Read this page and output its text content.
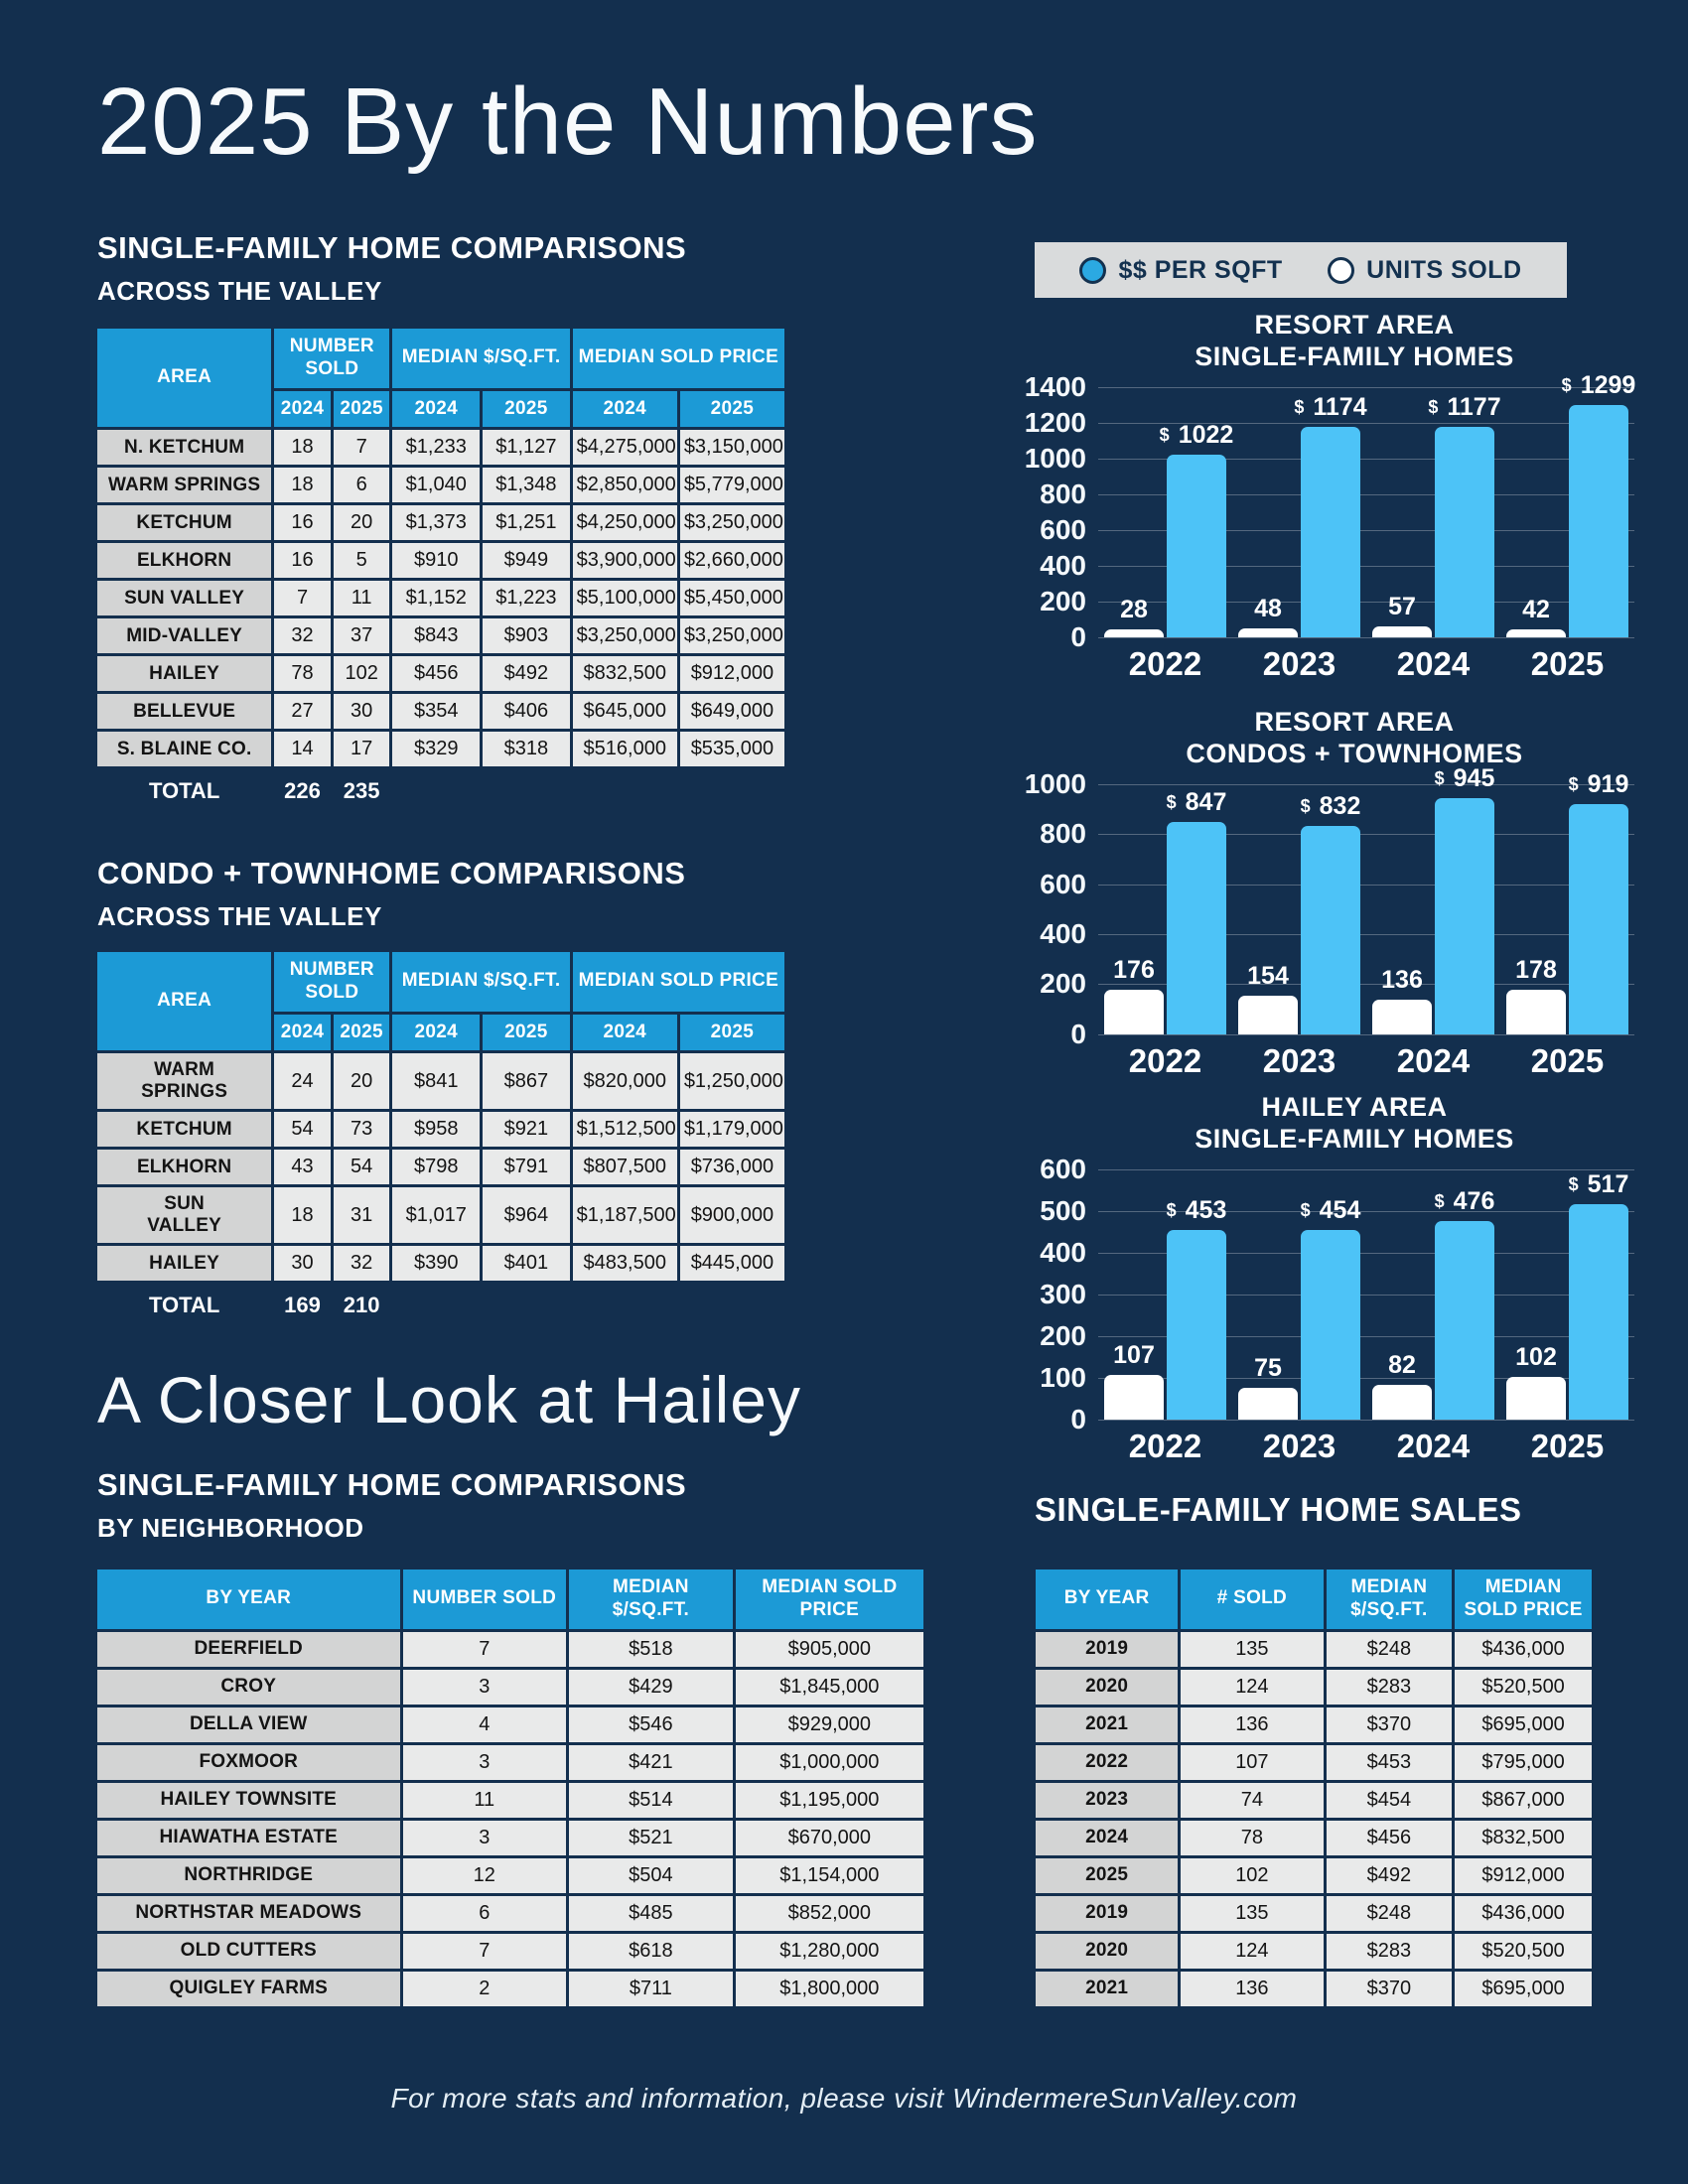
2025 By the Numbers
SINGLE-FAMILY HOME COMPARISONS
ACROSS THE VALLEY
AREA	NUMBER SOLD		MEDIAN $/SQ.FT.		MEDIAN SOLD PRICE	
	2024	2025	2024	2025	2024	2025
N. KETCHUM	18	7	$1,233	$1,127	$4,275,000	$3,150,000
WARM SPRINGS	18	6	$1,040	$1,348	$2,850,000	$5,779,000
KETCHUM	16	20	$1,373	$1,251	$4,250,000	$3,250,000
ELKHORN	16	5	$910	$949	$3,900,000	$2,660,000
SUN VALLEY	7	11	$1,152	$1,223	$5,100,000	$5,450,000
MID-VALLEY	32	37	$843	$903	$3,250,000	$3,250,000
HAILEY	78	102	$456	$492	$832,500	$912,000
BELLEVUE	27	30	$354	$406	$645,000	$649,000
S. BLAINE CO.	14	17	$329	$318	$516,000	$535,000
TOTAL	226	235				
CONDO + TOWNHOME COMPARISONS
ACROSS THE VALLEY
AREA	NUMBER SOLD		MEDIAN $/SQ.FT.		MEDIAN SOLD PRICE	
	2024	2025	2024	2025	2024	2025
WARM SPRINGS	24	20	$841	$867	$820,000	$1,250,000
KETCHUM	54	73	$958	$921	$1,512,500	$1,179,000
ELKHORN	43	54	$798	$791	$807,500	$736,000
SUN VALLEY	18	31	$1,017	$964	$1,187,500	$900,000
HAILEY	30	32	$390	$401	$483,500	$445,000
TOTAL	169	210				
A Closer Look at Hailey
SINGLE-FAMILY HOME COMPARISONS
BY NEIGHBORHOOD
BY YEAR	NUMBER SOLD	MEDIAN $/SQ.FT.	MEDIAN SOLD PRICE
DEERFIELD	7	$518	$905,000
CROY	3	$429	$1,845,000
DELLA VIEW	4	$546	$929,000
FOXMOOR	3	$421	$1,000,000
HAILEY TOWNSITE	11	$514	$1,195,000
HIAWATHA ESTATE	3	$521	$670,000
NORTHRIDGE	12	$504	$1,154,000
NORTHSTAR MEADOWS	6	$485	$852,000
OLD CUTTERS	7	$618	$1,280,000
QUIGLEY FARMS	2	$711	$1,800,000
$$ PER SQFT	UNITS SOLD
RESORT AREA
SINGLE-FAMILY HOMES
1400
1200
1000
800
600
400
200
0
28
$ 1022
48
$ 1174
57
$ 1177
42
$ 1299
2022	2023	2024	2025
RESORT AREA
CONDOS + TOWNHOMES
1000
800
600
400
200
0
176
$ 847
154
$ 832
136
$ 945
178
$ 919
2022	2023	2024	2025
HAILEY AREA
SINGLE-FAMILY HOMES
600
500
400
300
200
100
0
107
$ 453
75
$ 454
82
$ 476
102
$ 517
2022	2023	2024	2025
SINGLE-FAMILY HOME SALES
BY YEAR	# SOLD	MEDIAN $/SQ.FT.	MEDIAN SOLD PRICE
2019	135	$248	$436,000
2020	124	$283	$520,500
2021	136	$370	$695,000
2022	107	$453	$795,000
2023	74	$454	$867,000
2024	78	$456	$832,500
2025	102	$492	$912,000
2019	135	$248	$436,000
2020	124	$283	$520,500
2021	136	$370	$695,000
For more stats and information, please visit WindermereSunValley.com
